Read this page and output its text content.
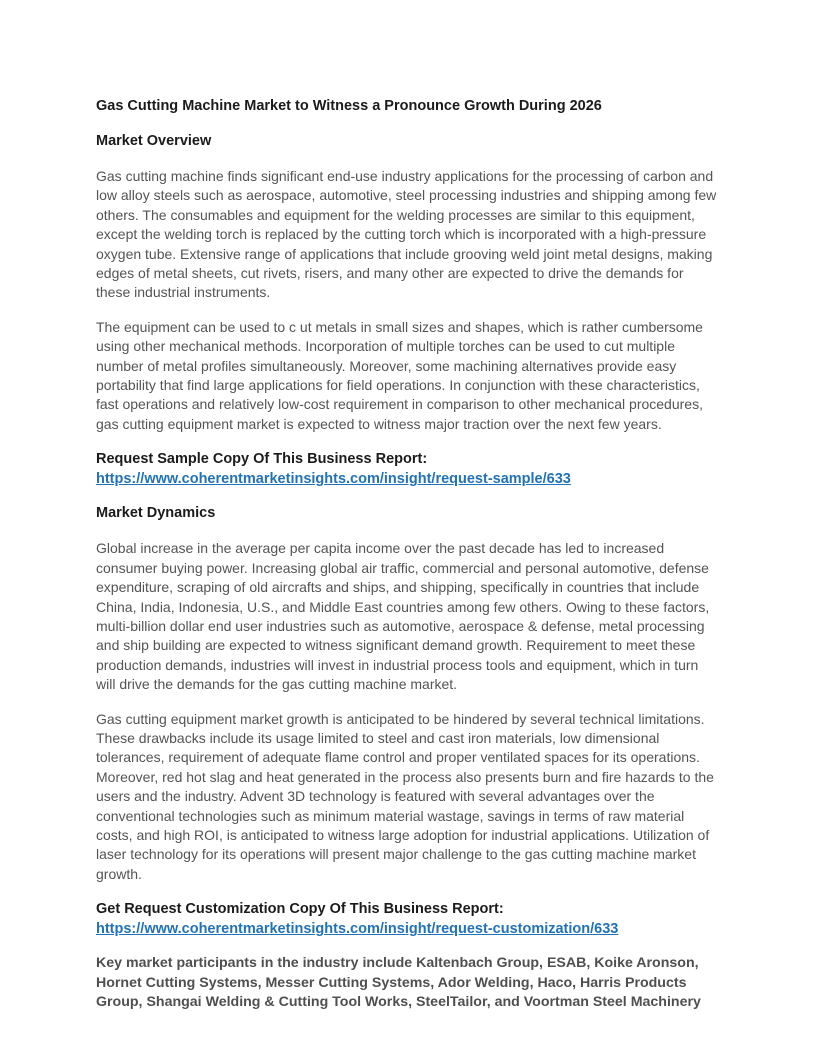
Gas Cutting Machine Market to Witness a Pronounce Growth During 2026
Market Overview

Gas cutting machine finds significant end-use industry applications for the processing of carbon and low alloy steels such as aerospace, automotive, steel processing industries and shipping among few others. The consumables and equipment for the welding processes are similar to this equipment, except the welding torch is replaced by the cutting torch which is incorporated with a high-pressure oxygen tube. Extensive range of applications that include grooving weld joint metal designs, making edges of metal sheets, cut rivets, risers, and many other are expected to drive the demands for these industrial instruments.

The equipment can be used to c ut metals in small sizes and shapes, which is rather cumbersome using other mechanical methods. Incorporation of multiple torches can be used to cut multiple number of metal profiles simultaneously. Moreover, some machining alternatives provide easy portability that find large applications for field operations. In conjunction with these characteristics, fast operations and relatively low-cost requirement in comparison to other mechanical procedures, gas cutting equipment market is expected to witness major traction over the next few years.

Request Sample Copy Of This Business Report:
https://www.coherentmarketinsights.com/insight/request-sample/633
Market Dynamics

Global increase in the average per capita income over the past decade has led to increased consumer buying power. Increasing global air traffic, commercial and personal automotive, defense expenditure, scraping of old aircrafts and ships, and shipping, specifically in countries that include China, India, Indonesia, U.S., and Middle East countries among few others. Owing to these factors, multi-billion dollar end user industries such as automotive, aerospace & defense, metal processing and ship building are expected to witness significant demand growth. Requirement to meet these production demands, industries will invest in industrial process tools and equipment, which in turn will drive the demands for the gas cutting machine market.

Gas cutting equipment market growth is anticipated to be hindered by several technical limitations. These drawbacks include its usage limited to steel and cast iron materials, low dimensional tolerances, requirement of adequate flame control and proper ventilated spaces for its operations. Moreover, red hot slag and heat generated in the process also presents burn and fire hazards to the users and the industry. Advent 3D technology is featured with several advantages over the conventional technologies such as minimum material wastage, savings in terms of raw material costs, and high ROI, is anticipated to witness large adoption for industrial applications. Utilization of laser technology for its operations will present major challenge to the gas cutting machine market growth.

Get Request Customization Copy Of This Business Report:
https://www.coherentmarketinsights.com/insight/request-customization/633

Key market participants in the industry include Kaltenbach Group, ESAB, Koike Aronson, Hornet Cutting Systems, Messer Cutting Systems, Ador Welding, Haco, Harris Products Group, Shangai Welding & Cutting Tool Works, SteelTailor, and Voortman Steel Machinery
